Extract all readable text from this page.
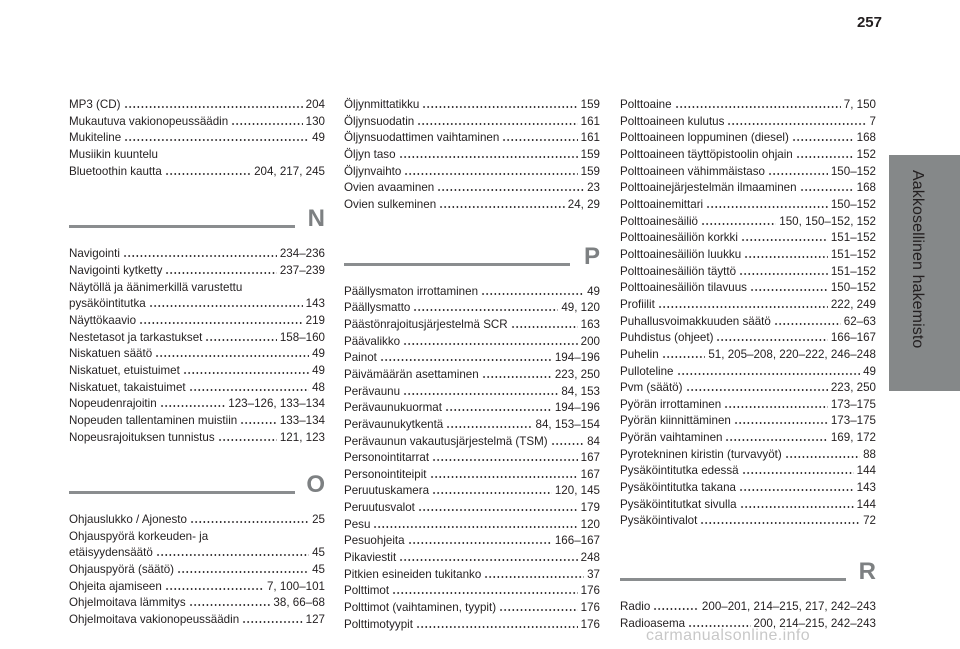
257
Aakkosellinen hakemisto
MP3 (CD)	204
Mukautuva vakionopeussäädin	130
Mukiteline	49
Musiikin kuuntelu
Bluetoothin kautta	204, 217, 245
N
Navigointi	234–236
Navigointi kytketty	237–239
Näytöllä ja äänimerkillä varustettu
pysäköintitutka	143
Näyttökaavio	219
Nestetasot ja tarkastukset	158–160
Niskatuen säätö	49
Niskatuet, etuistuimet	49
Niskatuet, takaistuimet	48
Nopeudenrajoitin	123–126, 133–134
Nopeuden tallentaminen muistiin	133–134
Nopeusrajoituksen tunnistus	121, 123
O
Ohjauslukko / Ajonesto	25
Ohjauspyörä korkeuden- ja
etäisyydensäätö	45
Ohjauspyörä (säätö)	45
Ohjeita ajamiseen	7, 100–101
Ohjelmoitava lämmitys	38, 66–68
Ohjelmoitava vakionopeussäädin	127
Öljynmittatikku	159
Öljynsuodatin	161
Öljynsuodattimen vaihtaminen	161
Öljyn taso	159
Öljynvaihto	159
Ovien avaaminen	23
Ovien sulkeminen	24, 29
P
Päällysmaton irrottaminen	49
Päällysmatto	49, 120
Päästönrajoitusjärjestelmä SCR	163
Päävalikko	200
Painot	194–196
Päivämäärän asettaminen	223, 250
Perävaunu	84, 153
Perävaunukuormat	194–196
Perävaunukytkentä	84, 153–154
Perävaunun vakautusjärjestelmä (TSM)	84
Personointitarrat	167
Personointiteipit	167
Peruutuskamera	120, 145
Peruutusvalot	179
Pesu	120
Pesuohjeita	166–167
Pikaviestit	248
Pitkien esineiden tukitanko	37
Polttimot	176
Polttimot (vaihtaminen, tyypit)	176
Polttimotyypit	176
Polttoaine	7, 150
Polttoaineen kulutus	7
Polttoaineen loppuminen (diesel)	168
Polttoaineen täyttöpistoolin ohjain	152
Polttoaineen vähimmäistaso	150–152
Polttoainejärjestelmän ilmaaminen	168
Polttoainemittari	150–152
Polttoainesäiliö	150, 150–152, 152
Polttoainesäiliön korkki	151–152
Polttoainesäiliön luukku	151–152
Polttoainesäiliön täyttö	151–152
Polttoainesäiliön tilavuus	150–152
Profiilit	222, 249
Puhallusvoimakkuuden säätö	62–63
Puhdistus (ohjeet)	166–167
Puhelin	51, 205–208, 220–222, 246–248
Pulloteline	49
Pvm (säätö)	223, 250
Pyörän irrottaminen	173–175
Pyörän kiinnittäminen	173–175
Pyörän vaihtaminen	169, 172
Pyrotekninen kiristin (turvavyöt)	88
Pysäköintitutka edessä	144
Pysäköintitutka takana	143
Pysäköintitutkat sivulla	144
Pysäköintivalot	72
R
Radio	200–201, 214–215, 217, 242–243
Radioasema	200, 214–215, 242–243
carmanualsonline.info
